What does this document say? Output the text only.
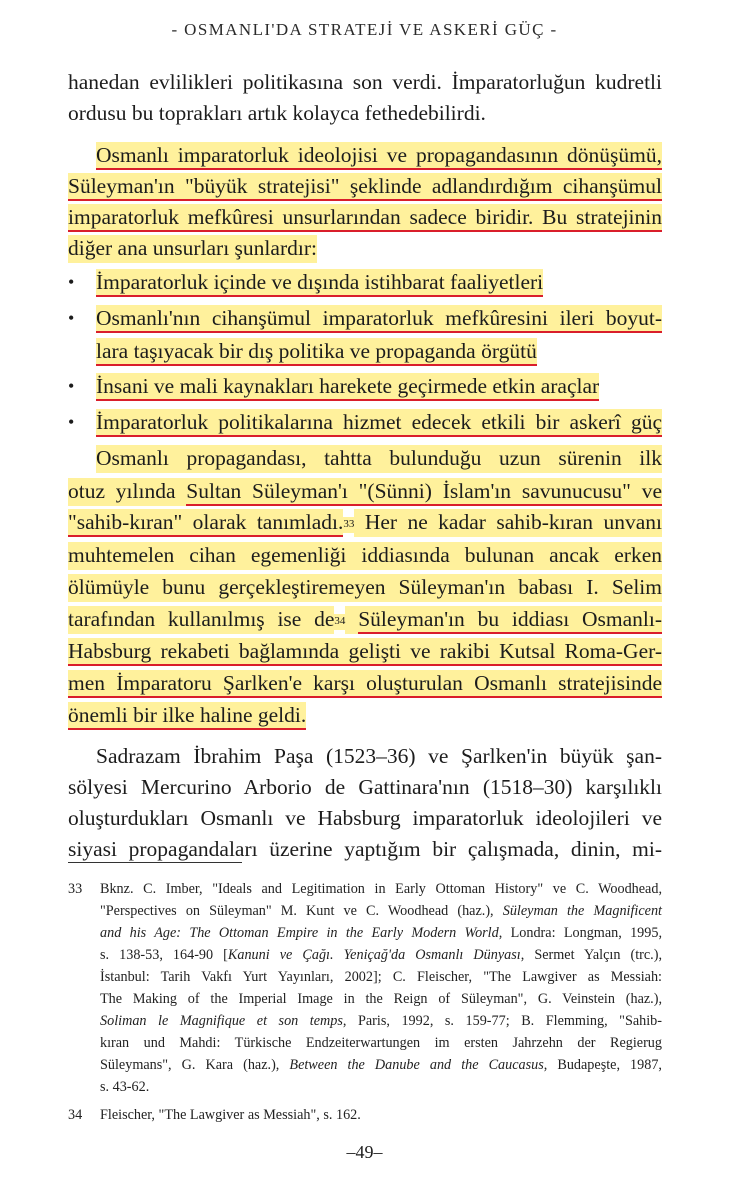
- OSMANLI'DA STRATEJİ VE ASKERİ GÜÇ -
hanedan evlilikleri politikasına son verdi. İmparatorluğun kudretli
ordusu bu toprakları artık kolayca fethedebilirdi.
Osmanlı imparatorluk ideolojisi ve propagandasının dönüşümü,
Süleyman'ın "büyük stratejisi" şeklinde adlandırdığım cihanşümul
imparatorluk mefkûresi unsurlarından sadece biridir. Bu stratejinin
diğer ana unsurları şunlardır:
• İmparatorluk içinde ve dışında istihbarat faaliyetleri
• Osmanlı'nın cihanşümul imparatorluk mefkûresini ileri boyut-
lara taşıyacak bir dış politika ve propaganda örgütü
• İnsani ve mali kaynakları harekete geçirmede etkin araçlar
• İmparatorluk politikalarına hizmet edecek etkili bir askerî güç
Osmanlı propagandası, tahtta bulunduğu uzun sürenin ilk
otuz yılında Sultan Süleyman'ı "(Sünni) İslam'ın savunucusu" ve
"sahib-kıran" olarak tanımladı.$^{33}$ Her ne kadar sahib-kıran unvanı
muhtemelen cihan egemenliği iddiasında bulunan ancak erken
ölümüyle bunu gerçekleştiremeyen Süleyman'ın babası I. Selim
tarafından kullanılmış ise $de^{34}$ Süleyman'ın bu iddiası Osmanlı-
Habsburg rekabeti bağlamında gelişti ve rakibi Kutsal Roma-Ger-
men İmparatoru Şarlken'e karşı oluşturulan Osmanlı stratejisinde
önemli bir ilke haline geldi.
Sadrazam İbrahim Paşa (1523–36) ve Şarlken'in büyük şan-
sölyesi Mercurino Arborio de Gattinara'nın (1518–30) karşılıklı
oluşturdukları Osmanlı ve Habsburg imparatorluk ideolojileri ve
siyasi propagandaları üzerine yaptığım bir çalışmada, dinin, mi-
33 Bknz. C. Imber, "Ideals and Legitimation in Early Ottoman History" ve C. Woodhead,
"Perspectives on Süleyman" M. Kunt ve C. Woodhead (haz.), Süleyman the Magnificent
and his Age: The Ottoman Empire in the Early Modern World, Londra: Longman, 1995,
s. 138-53, 164-90 [Kanuni ve Çağı. Yeniçağ'da Osmanlı Dünyası, Sermet Yalçın (trc.),
İstanbul: Tarih Vakfı Yurt Yayınları, 2002]; C. Fleischer, "The Lawgiver as Messiah:
The Making of the Imperial Image in the Reign of Süleyman", G. Veinstein (haz.),
Soliman le Magnifique et son temps, Paris, 1992, s. 159-77; B. Flemming, "Sahib-
kıran und Mahdi: Türkische Endzeiterwartungen im ersten Jahrzehn der Regierug
Süleymans", G. Kara (haz.), Between the Danube and the Caucasus, Budapeşte, 1987,
s. 43-62.
34 Fleischer, "The Lawgiver as Messiah", s. 162.
–49–
